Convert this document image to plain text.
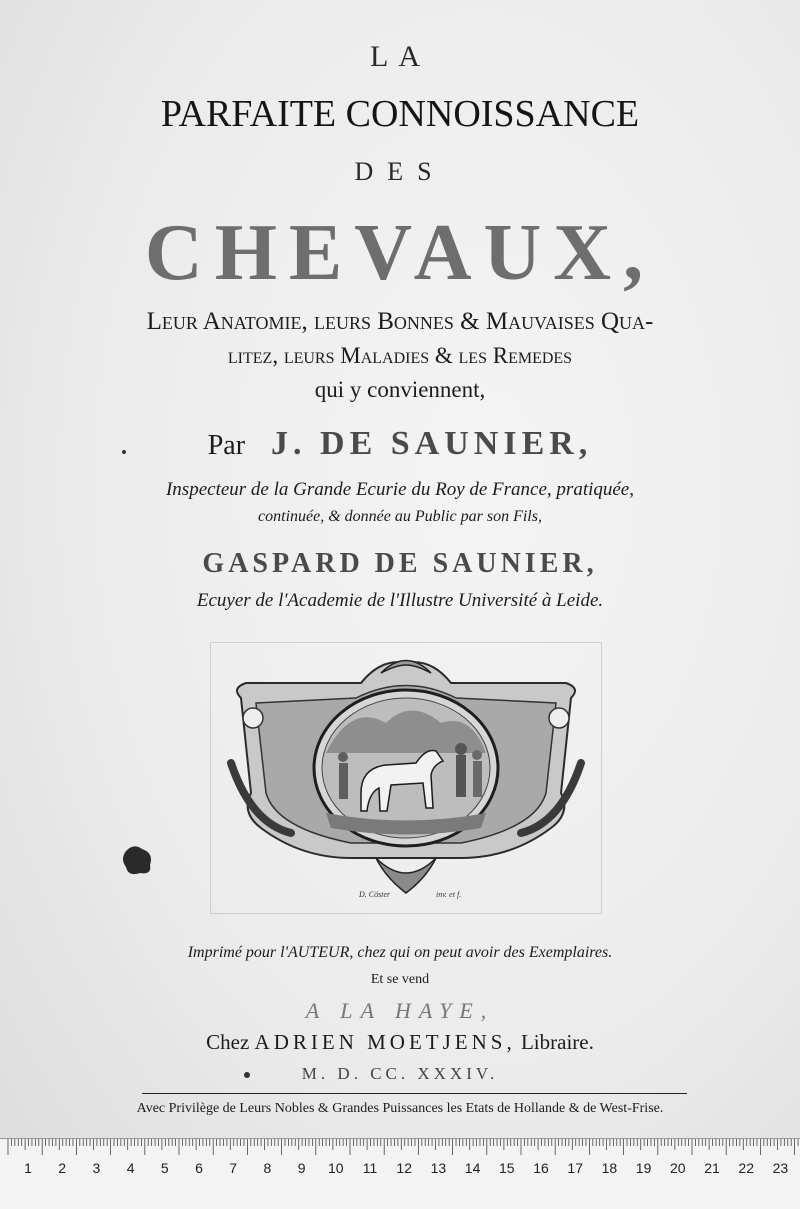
LA
PARFAITE CONNOISSANCE
DES
CHEVAUX,
Leur Anatomie, leurs Bonnes & Mauvaises Qua-
litez, leurs Maladies & les Remedes
qui y conviennent,
Par J. DE SAUNIER,
Inspecteur de la Grande Ecurie du Roy de France, pratiquée,
continuée, & donnée au Public par son Fils,
GASPARD DE SAUNIER,
Ecuyer de l'Academie de l'Illustre Université à Leide.
D. Cöster	inv. et f.
Imprimé pour l'AUTEUR, chez qui on peut avoir des Exemplaires.
Et se vend
A LA HAYE,
Chez ADRIEN MOETJENS, Libraire.
M. D. CC. XXXIV.
Avec Privilège de Leurs Nobles & Grandes Puissances les Etats de Hollande & de West-Frise.
1 2 3 4 5 6 7 8 9 10 11 12 13 14 15 16 17 18 19 20 21 22 23
